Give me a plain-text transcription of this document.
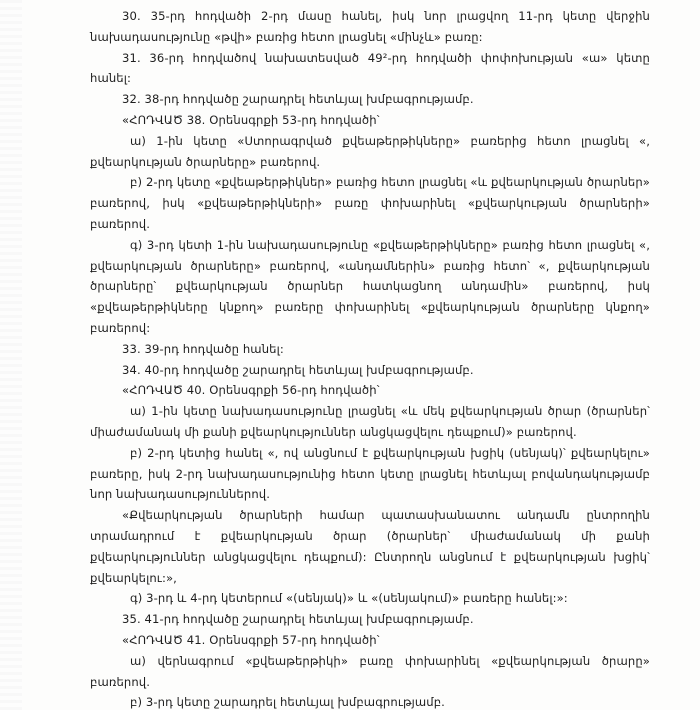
30. 35-րդ հոդվածի 2-րդ մասը հանել, իսկ նոր լրացվող 11-րդ կետը վերջին նախադասությունը «թվի» բառից հետո լրացնել «մինչև» բառը:

31. 36-րդ հոդվածով նախատեսված 49²-րդ հոդվածի փոփոխության «ա» կետը հանել:

32. 38-րդ հոդվածը շարադրել հետևյալ խմբագրությամբ.

«ՀՈԴՎԱԾ 38. Օրենսգրքի 53-րդ հոդվածի՝

ա) 1-ին կետը «Ստորագրված քվեաթերթիկները» բառերից հետո լրացնել «, քվեարկության ծրարները» բառերով.

բ) 2-րդ կետը «քվեաթերթիկներ» բառից հետո լրացնել «և քվեարկության ծրարներ» բառերով, իսկ «քվեաթերթիկների» բառը փոխարինել «քվեարկության ծրարների» բառերով.

գ) 3-րդ կետի 1-ին նախադասությունը «քվեաթերթիկները» բառից հետո լրացնել «, քվեարկության ծրարները» բառերով, «անդամներին» բառից հետո՝ «, քվեարկության ծրարները՝ քվեարկության ծրարներ հատկացնող անդամին» բառերով, իսկ «քվեաթերթիկները կնքող» բառերը փոխարինել «քվեարկության ծրարները կնքող» բառերով:

33. 39-րդ հոդվածը հանել:

34. 40-րդ հոդվածը շարադրել հետևյալ խմբագրությամբ.

«ՀՈԴՎԱԾ 40. Օրենսգրքի 56-րդ հոդվածի՝

ա) 1-ին կետը նախադասությունը լրացնել «և մեկ քվեարկության ծրար (ծրարներ՝ միաժամանակ մի քանի քվեարկություններ անցկացվելու դեպքում)» բառերով.

բ) 2-րդ կետից հանել «, ով անցնում է քվեարկության խցիկ (սենյակ)՝ քվեարկելու» բառերը, իսկ 2-րդ նախադասությունից հետո կետը լրացնել հետևյալ բովանդակությամբ նոր նախադասություններով.

«Քվեարկության ծրարների համար պատասխանատու անդամն ընտրողին տրամադրում է քվեարկության ծրար (ծրարներ՝ միաժամանակ մի քանի քվեարկություններ անցկացվելու դեպքում): Ընտրողն անցնում է քվեարկության խցիկ՝ քվեարկելու:»,

գ) 3-րդ և 4-րդ կետերում «(սենյակ)» և «(սենյակում)» բառերը հանել:»:

35. 41-րդ հոդվածը շարադրել հետևյալ խմբագրությամբ.

«ՀՈԴՎԱԾ 41. Օրենսգրքի 57-րդ հոդվածի՝

ա) վերնագրում «քվեաթերթիկի» բառը փոխարինել «քվեարկության ծրարը» բառերով.

բ) 3-րդ կետը շարադրել հետևյալ խմբագրությամբ.
